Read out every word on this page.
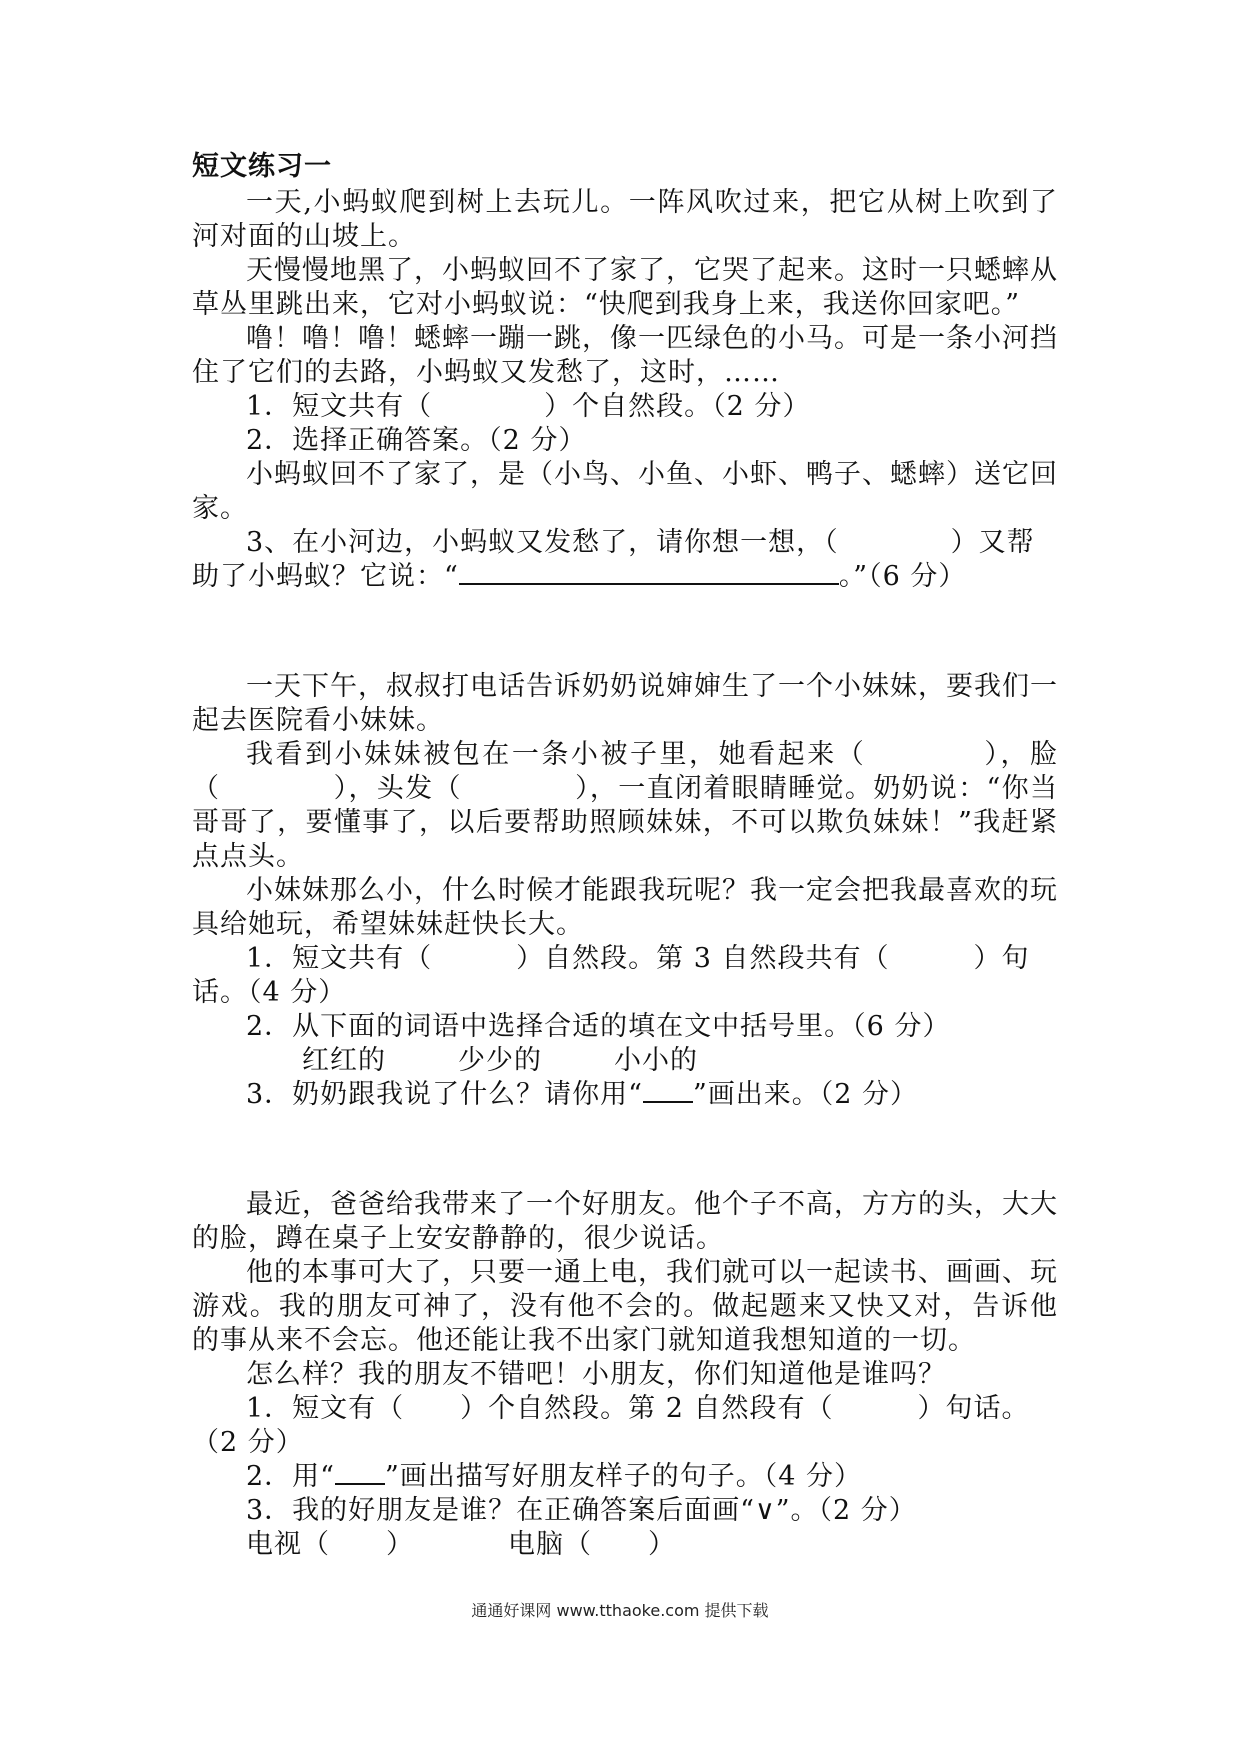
短文练习一

一天,小蚂蚁爬到树上去玩儿。一阵风吹过来，把它从树上吹到了河对面的山坡上。

天慢慢地黑了，小蚂蚁回不了家了，它哭了起来。这时一只蟋蟀从草丛里跳出来，它对小蚂蚁说：“快爬到我身上来，我送你回家吧。”

噜！噜！噜！蟋蟀一蹦一跳，像一匹绿色的小马。可是一条小河挡住了它们的去路，小蚂蚁又发愁了，这时，……

1．短文共有（　　　　）个自然段。（2 分）

2．选择正确答案。（2 分）

小蚂蚁回不了家了，是（小鸟、小鱼、小虾、鸭子、蟋蟀）送它回家。

3、在小河边，小蚂蚁又发愁了，请你想一想，（　　　　）又帮助了小蚂蚁？它说：“	。”（6 分）

一天下午，叔叔打电话告诉奶奶说婶婶生了一个小妹妹，要我们一起去医院看小妹妹。

我看到小妹妹被包在一条小被子里，她看起来（　　　　），脸（　　　　），头发（　　　　），一直闭着眼睛睡觉。奶奶说：“你当哥哥了，要懂事了，以后要帮助照顾妹妹，不可以欺负妹妹！”我赶紧点点头。

小妹妹那么小，什么时候才能跟我玩呢？我一定会把我最喜欢的玩具给她玩，希望妹妹赶快长大。

1．短文共有（　　　）自然段。第 3 自然段共有（　　　）句话。（4 分）

2．从下面的词语中选择合适的填在文中括号里。（6 分）

红红的	少少的	小小的

3．奶奶跟我说了什么？请你用“ ”画出来。（2 分）

最近，爸爸给我带来了一个好朋友。他个子不高，方方的头，大大的脸，蹲在桌子上安安静静的，很少说话。

他的本事可大了，只要一通上电，我们就可以一起读书、画画、玩游戏。我的朋友可神了，没有他不会的。做起题来又快又对，告诉他的事从来不会忘。他还能让我不出家门就知道我想知道的一切。

怎么样？我的朋友不错吧！小朋友，你们知道他是谁吗？

1．短文有（　　）个自然段。第 2 自然段有（　　　）句话。（2 分）

2．用“ ”画出描写好朋友样子的句子。（4 分）

3．我的好朋友是谁？在正确答案后面画“∨”。（2 分）

电视（　　）	电脑（　　）

通通好课网 www.tthaoke.com 提供下载
